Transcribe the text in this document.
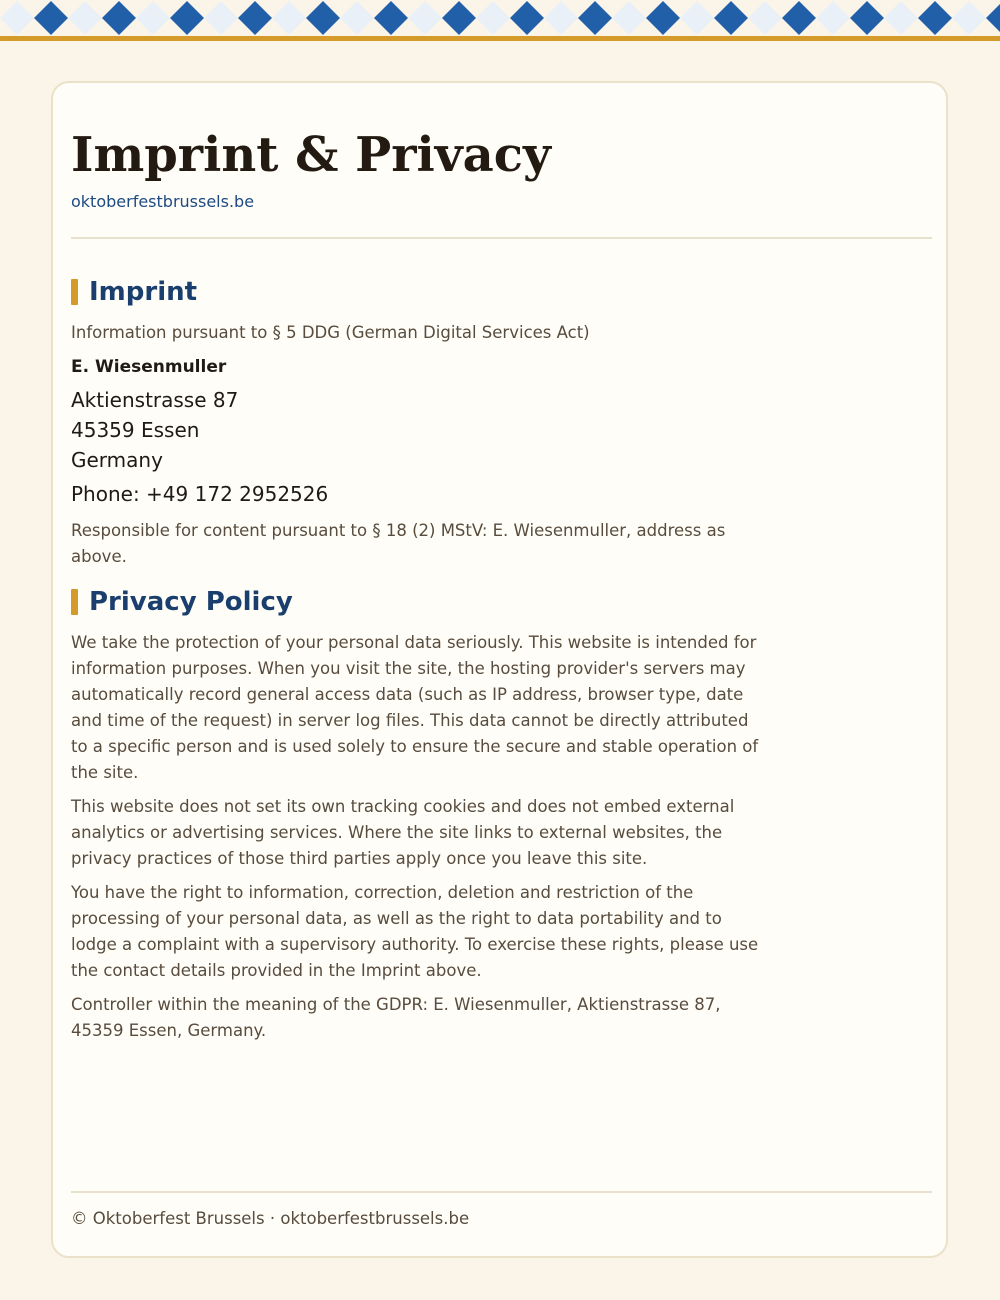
Imprint & Privacy
oktoberfestbrussels.be
Imprint

Information pursuant to § 5 DDG (German Digital Services Act)

E. Wiesenmuller

Aktienstrasse 87
45359 Essen
Germany

Phone: +49 172 2952526

Responsible for content pursuant to § 18 (2) MStV: E. Wiesenmuller, address as above.

Privacy Policy

We take the protection of your personal data seriously. This website is intended for information purposes. When you visit the site, the hosting provider's servers may automatically record general access data (such as IP address, browser type, date and time of the request) in server log files. This data cannot be directly attributed to a specific person and is used solely to ensure the secure and stable operation of the site.

This website does not set its own tracking cookies and does not embed external analytics or advertising services. Where the site links to external websites, the privacy practices of those third parties apply once you leave this site.

You have the right to information, correction, deletion and restriction of the processing of your personal data, as well as the right to data portability and to lodge a complaint with a supervisory authority. To exercise these rights, please use the contact details provided in the Imprint above.

Controller within the meaning of the GDPR: E. Wiesenmuller, Aktienstrasse 87, 45359 Essen, Germany.

© Oktoberfest Brussels · oktoberfestbrussels.be
